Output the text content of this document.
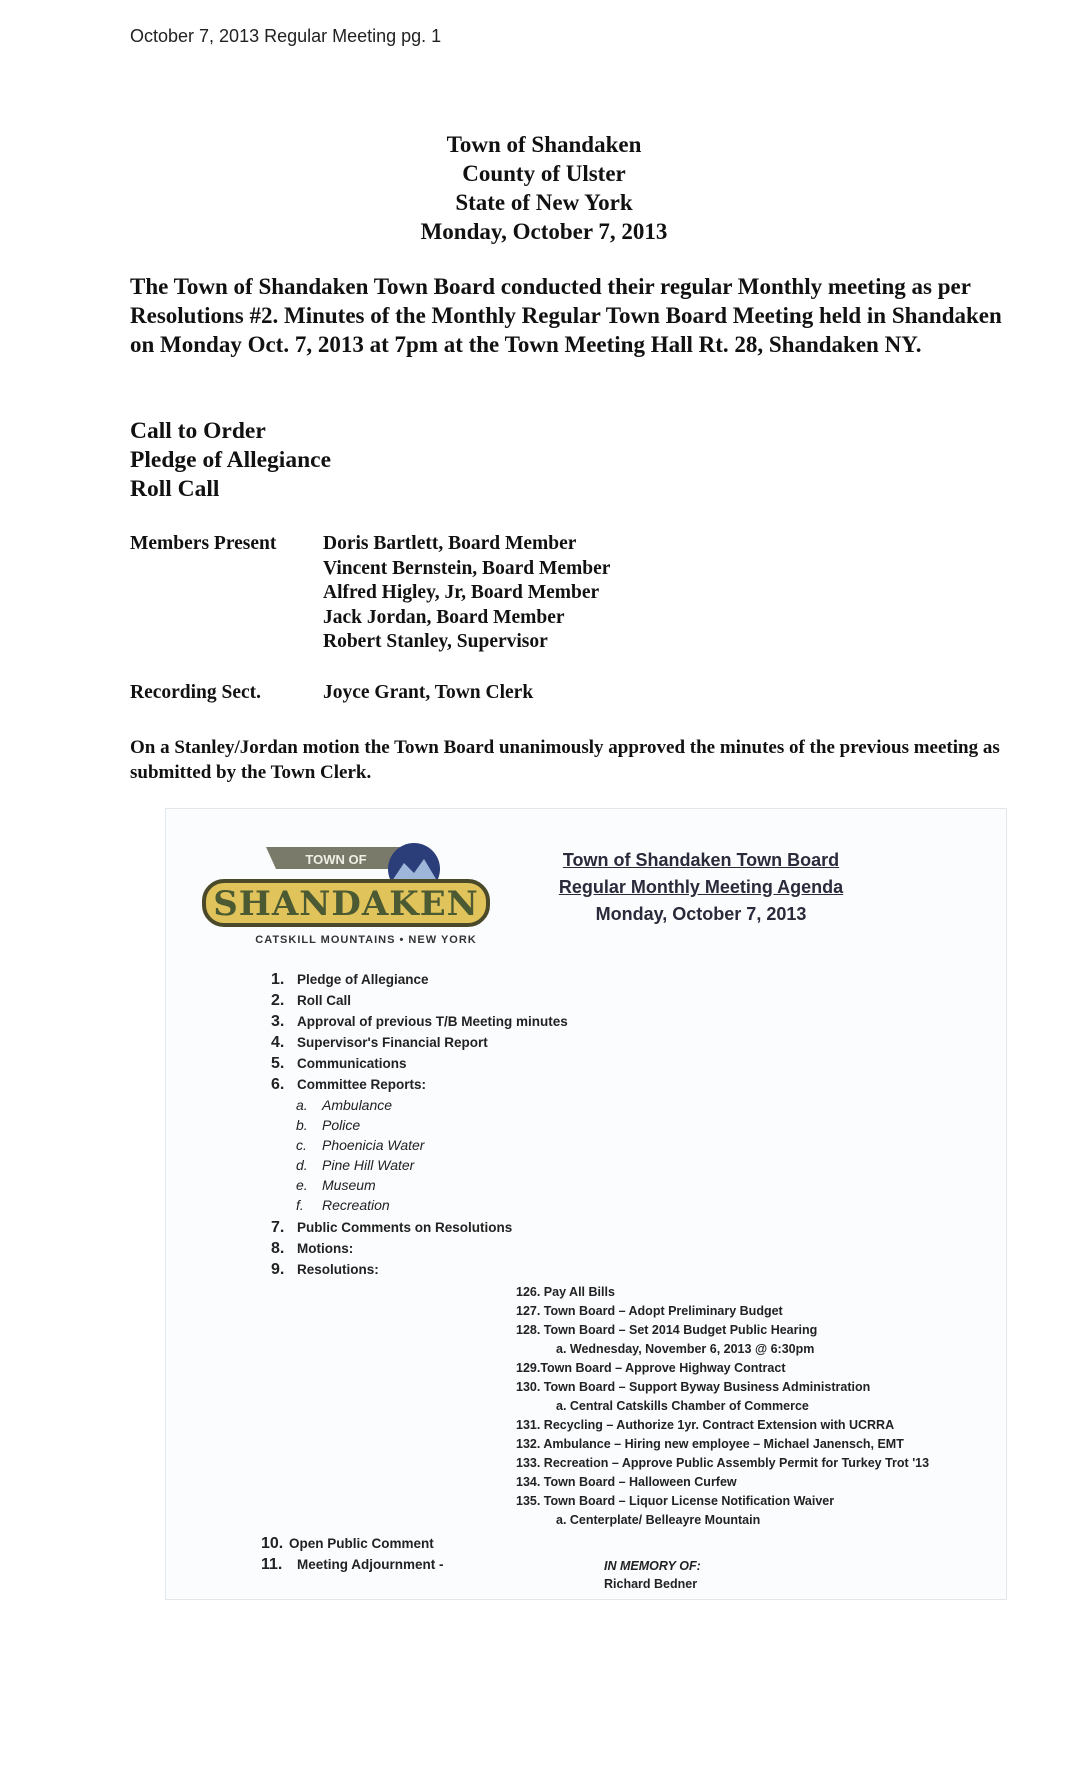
October 7, 2013 Regular Meeting pg. 1
Town of Shandaken
County of Ulster
State of New York
Monday, October 7, 2013
The Town of Shandaken Town Board conducted their regular Monthly meeting as per Resolutions #2. Minutes of the Monthly Regular Town Board Meeting held in Shandaken on Monday Oct. 7, 2013 at 7pm at the Town Meeting Hall Rt. 28, Shandaken NY.
Call to Order
Pledge of Allegiance
Roll Call
Members Present Doris Bartlett, Board Member
Vincent Bernstein, Board Member
Alfred Higley, Jr, Board Member
Jack Jordan, Board Member
Robert Stanley, Supervisor
Recording Sect.	Joyce Grant, Town Clerk
On a Stanley/Jordan motion the Town Board unanimously approved the minutes of the previous meeting as submitted by the Town Clerk.
TOWN OF
SHANDAKEN
CATSKILL MOUNTAINS • NEW YORK
Town of Shandaken Town Board
Regular Monthly Meeting Agenda
Monday, October 7, 2013
1. Pledge of Allegiance
2. Roll Call
3. Approval of previous T/B Meeting minutes
4. Supervisor's Financial Report
5. Communications
6. Committee Reports:
a. Ambulance
b. Police
c. Phoenicia Water
d. Pine Hill Water
e. Museum
f. Recreation
7. Public Comments on Resolutions
8. Motions:
9. Resolutions:
126. Pay All Bills
127. Town Board – Adopt Preliminary Budget
128. Town Board – Set 2014 Budget Public Hearing
a. Wednesday, November 6, 2013 @ 6:30pm
129.Town Board – Approve Highway Contract
130. Town Board – Support Byway Business Administration
a. Central Catskills Chamber of Commerce
131. Recycling – Authorize 1yr. Contract Extension with UCRRA
132. Ambulance – Hiring new employee – Michael Janensch, EMT
133. Recreation – Approve Public Assembly Permit for Turkey Trot '13
134. Town Board – Halloween Curfew
135. Town Board – Liquor License Notification Waiver
a. Centerplate/ Belleayre Mountain
10. Open Public Comment
11. Meeting Adjournment -	IN MEMORY OF:
Richard Bedner
